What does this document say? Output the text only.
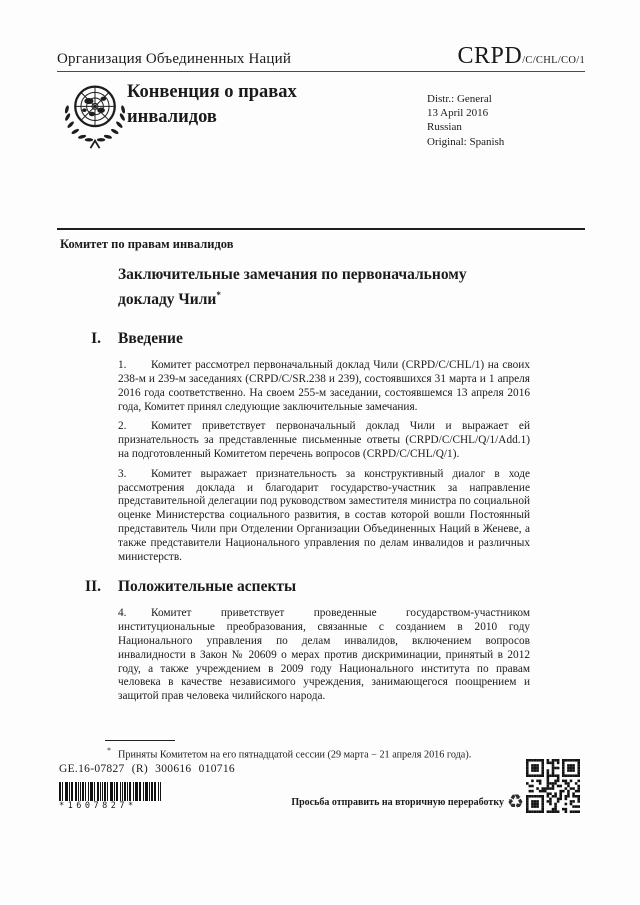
Организация Объединенных Наций	CRPD/C/CHL/CO/1
Конвенция о правах
инвалидов
Distr.: General
13 April 2016
Russian
Original: Spanish
Комитет по правам инвалидов
Заключительные замечания по первоначальному докладу Чили*
I.	Введение
1. Комитет рассмотрел первоначальный доклад Чили (CRPD/C/CHL/1) на своих 238-м и 239-м заседаниях (CRPD/C/SR.238 и 239), состоявшихся 31 марта и 1 апреля 2016 года соответственно. На своем 255-м заседании, состоявшемся 13 апреля 2016 года, Комитет принял следующие заключительные замечания.
2. Комитет приветствует первоначальный доклад Чили и выражает ей признательность за представленные письменные ответы (CRPD/C/CHL/Q/1/Add.1) на подготовленный Комитетом перечень вопросов (CRPD/C/CHL/Q/1).
3. Комитет выражает признательность за конструктивный диалог в ходе рассмотрения доклада и благодарит государство-участник за направление представительной делегации под руководством заместителя министра по социальной оценке Министерства социального развития, в состав которой вошли Постоянный представитель Чили при Отделении Организации Объединенных Наций в Женеве, а также представители Национального управления по делам инвалидов и различных министерств.
II.	Положительные аспекты
4. Комитет приветствует проведенные государством-участником институциональные преобразования, связанные с созданием в 2010 году Национального управления по делам инвалидов, включением вопросов инвалидности в Закон № 20609 о мерах против дискриминации, принятый в 2012 году, а также учреждением в 2009 году Национального института по правам человека в качестве независимого учреждения, занимающегося поощрением и защитой прав человека чилийского народа.
* Приняты Комитетом на его пятнадцатой сессии (29 марта − 21 апреля 2016 года).
GE.16-07827 (R) 300616 010716
*1607827*	Просьба отправить на вторичную переработку ♻
